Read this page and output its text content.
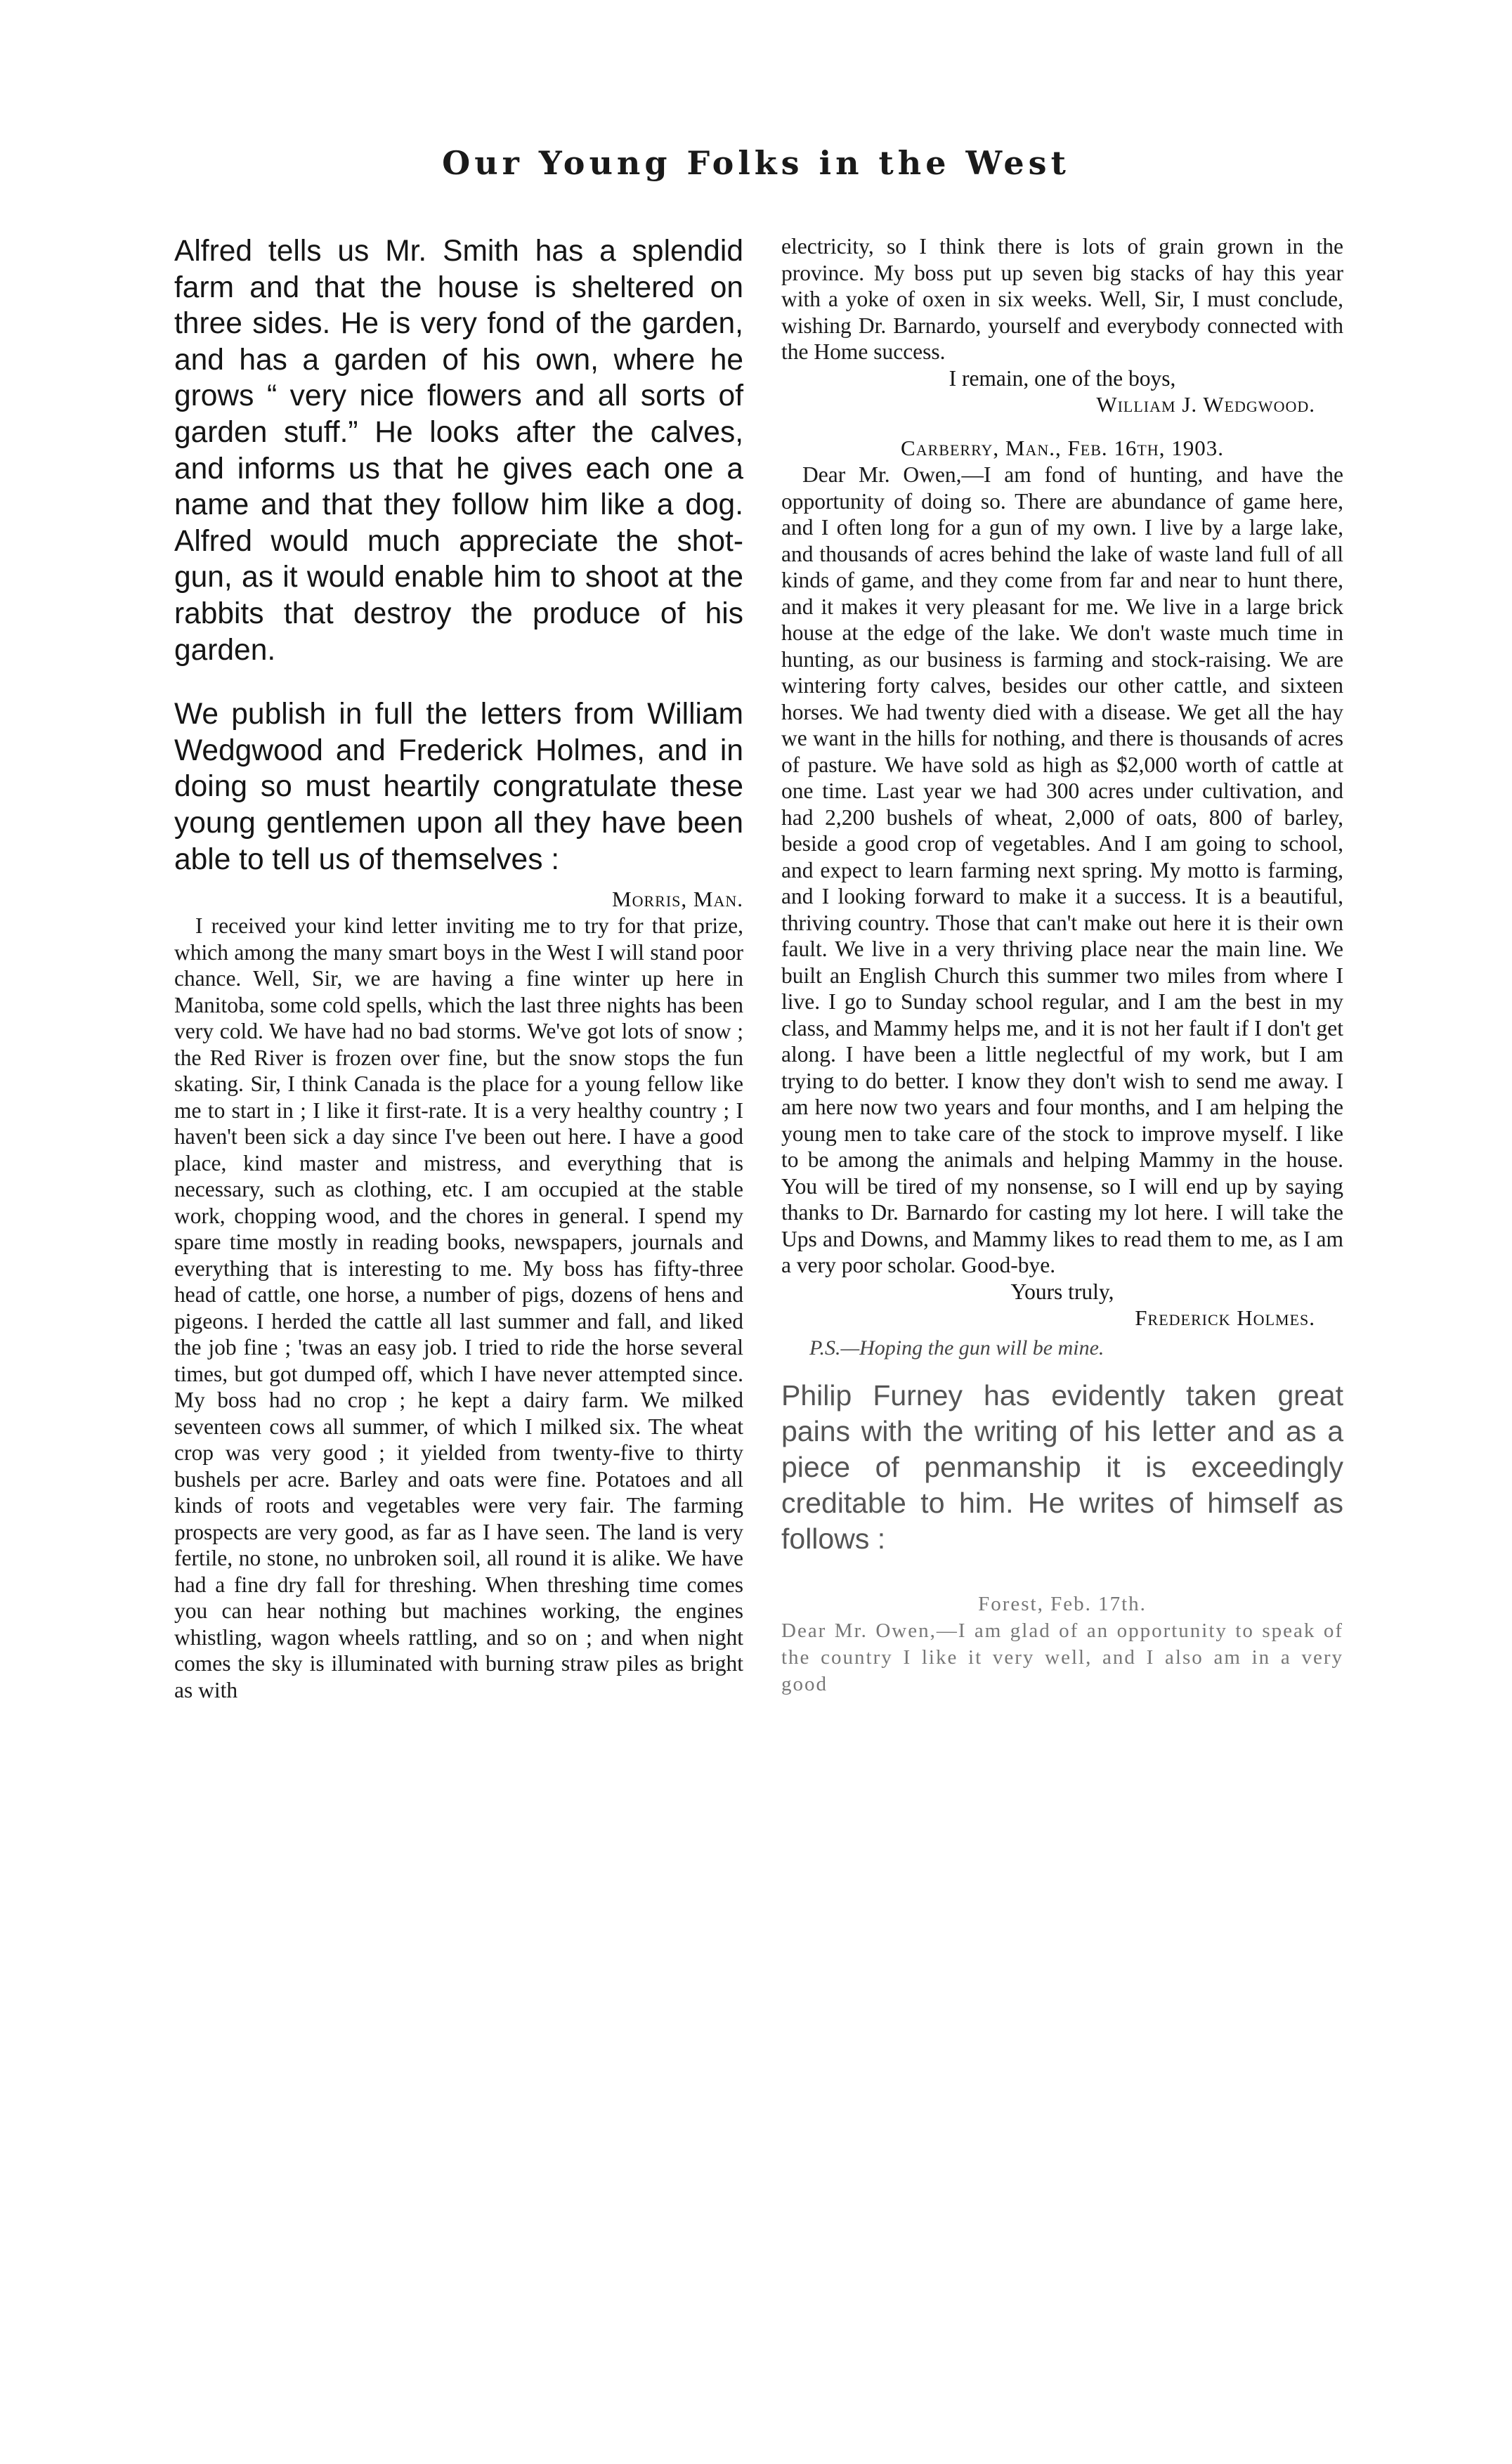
Our Young Folks in the West

Alfred tells us Mr. Smith has a splendid farm and that the house is sheltered on three sides. He is very fond of the garden, and has a garden of his own, where he grows “ very nice flowers and all sorts of garden stuff.” He looks after the calves, and informs us that he gives each one a name and that they follow him like a dog. Alfred would much appreciate the shot-gun, as it would enable him to shoot at the rabbits that destroy the produce of his garden.

We publish in full the letters from William Wedgwood and Frederick Holmes, and in doing so must heartily congratulate these young gentlemen upon all they have been able to tell us of themselves :

Morris, Man.

I received your kind letter inviting me to try for that prize, which among the many smart boys in the West I will stand poor chance. Well, Sir, we are having a fine winter up here in Manitoba, some cold spells, which the last three nights has been very cold. We have had no bad storms. We've got lots of snow ; the Red River is frozen over fine, but the snow stops the fun skating. Sir, I think Canada is the place for a young fellow like me to start in ; I like it first-rate. It is a very healthy country ; I haven't been sick a day since I've been out here. I have a good place, kind master and mistress, and everything that is necessary, such as clothing, etc. I am occupied at the stable work, chopping wood, and the chores in general. I spend my spare time mostly in reading books, newspapers, journals and everything that is interesting to me. My boss has fifty-three head of cattle, one horse, a number of pigs, dozens of hens and pigeons. I herded the cattle all last summer and fall, and liked the job fine ; 'twas an easy job. I tried to ride the horse several times, but got dumped off, which I have never attempted since. My boss had no crop ; he kept a dairy farm. We milked seventeen cows all summer, of which I milked six. The wheat crop was very good ; it yielded from twenty-five to thirty bushels per acre. Barley and oats were fine. Potatoes and all kinds of roots and vegetables were very fair. The farming prospects are very good, as far as I have seen. The land is very fertile, no stone, no unbroken soil, all round it is alike. We have had a fine dry fall for threshing. When threshing time comes you can hear nothing but machines working, the engines whistling, wagon wheels rattling, and so on ; and when night comes the sky is illuminated with burning straw piles as bright as with

electricity, so I think there is lots of grain grown in the province. My boss put up seven big stacks of hay this year with a yoke of oxen in six weeks. Well, Sir, I must conclude, wishing Dr. Barnardo, yourself and everybody connected with the Home success.

I remain, one of the boys,

William J. Wedgwood.

Carberry, Man., Feb. 16th, 1903.

Dear Mr. Owen,—I am fond of hunting, and have the opportunity of doing so. There are abundance of game here, and I often long for a gun of my own. I live by a large lake, and thousands of acres behind the lake of waste land full of all kinds of game, and they come from far and near to hunt there, and it makes it very pleasant for me. We live in a large brick house at the edge of the lake. We don't waste much time in hunting, as our business is farming and stock-raising. We are wintering forty calves, besides our other cattle, and sixteen horses. We had twenty died with a disease. We get all the hay we want in the hills for nothing, and there is thousands of acres of pasture. We have sold as high as $2,000 worth of cattle at one time. Last year we had 300 acres under cultivation, and had 2,200 bushels of wheat, 2,000 of oats, 800 of barley, beside a good crop of vegetables. And I am going to school, and expect to learn farming next spring. My motto is farming, and I looking forward to make it a success. It is a beautiful, thriving country. Those that can't make out here it is their own fault. We live in a very thriving place near the main line. We built an English Church this summer two miles from where I live. I go to Sunday school regular, and I am the best in my class, and Mammy helps me, and it is not her fault if I don't get along. I have been a little neglectful of my work, but I am trying to do better. I know they don't wish to send me away. I am here now two years and four months, and I am helping the young men to take care of the stock to improve myself. I like to be among the animals and helping Mammy in the house. You will be tired of my nonsense, so I will end up by saying thanks to Dr. Barnardo for casting my lot here. I will take the Ups and Downs, and Mammy likes to read them to me, as I am a very poor scholar. Good-bye.

Yours truly,

Frederick Holmes.

P.S.—Hoping the gun will be mine.

Philip Furney has evidently taken great pains with the writing of his letter and as a piece of penmanship it is exceedingly creditable to him. He writes of himself as follows :

Forest, Feb. 17th.

Dear Mr. Owen,—I am glad of an opportunity to speak of the country I like it very well, and I also am in a very good
